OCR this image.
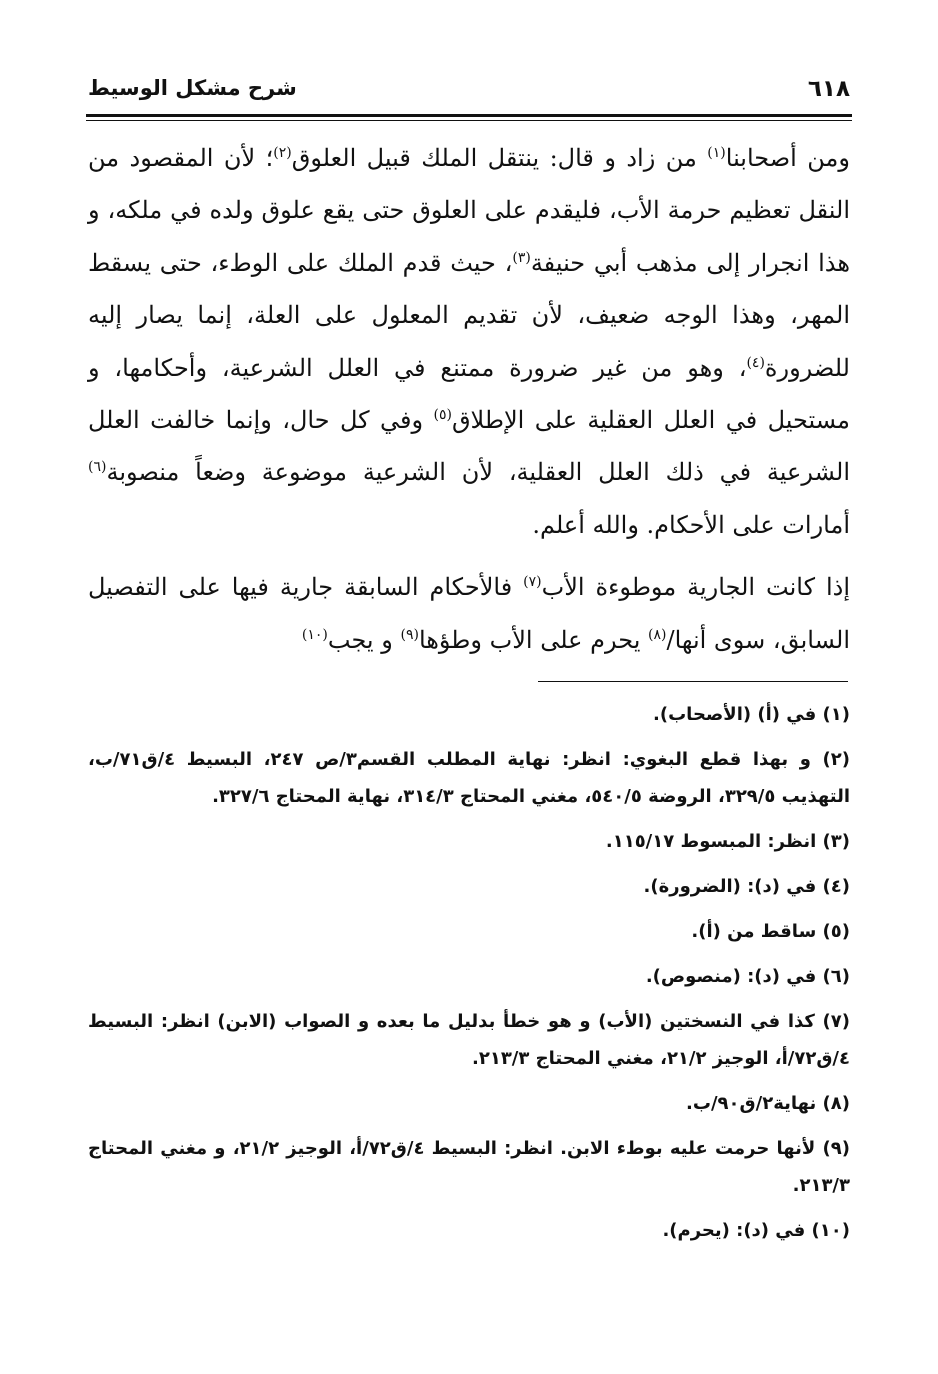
٦١٨
شرح مشكل الوسيط

ومن أصحابنا$^{(١)}$ من زاد و قال: ينتقل الملك قبيل العلوق$^{(٢)}$؛ لأن المقصود من النقل تعظيم حرمة الأب، فليقدم على العلوق حتى يقع علوق ولده في ملكه، و هذا انجرار إلى مذهب أبي حنيفة$^{(٣)}$، حيث قدم الملك على الوطء، حتى يسقط المهر، وهذا الوجه ضعيف، لأن تقديم المعلول على العلة، إنما يصار إليه للضرورة$^{(٤)}$، وهو من غير ضرورة ممتنع في العلل الشرعية، وأحكامها، و مستحيل في العلل العقلية على الإطلاق$^{(٥)}$ وفي كل حال، وإنما خالفت العلل الشرعية في ذلك العلل العقلية، لأن الشرعية موضوعة وضعاً منصوبة$^{(٦)}$ أمارات على الأحكام. والله أعلم.

إذا كانت الجارية موطوءة الأب$^{(٧)}$ فالأحكام السابقة جارية فيها على التفصيل السابق، سوى أنها/$^{(٨)}$ يحرم على الأب وطؤها$^{(٩)}$ و يجب$^{(١٠)}$

(١) في (أ) (الأصحاب).

(٢) و بهذا قطع البغوي: انظر: نهاية المطلب القسم٣/ص ٢٤٧، البسيط ٤/ق٧١/ب، التهذيب ٣٢٩/٥، الروضة ٥٤٠/٥، مغني المحتاج ٣١٤/٣، نهاية المحتاج ٣٢٧/٦.

(٣) انظر: المبسوط ١١٥/١٧.

(٤) في (د): (الضرورة).

(٥) ساقط من (أ).

(٦) في (د): (منصوص).

(٧) كذا في النسختين (الأب) و هو خطأ بدليل ما بعده و الصواب (الابن) انظر: البسيط ٤/ق٧٢/أ، الوجيز ٢١/٢، مغني المحتاج ٢١٣/٣.

(٨) نهاية٢/ق٩٠/ب.

(٩) لأنها حرمت عليه بوطء الابن. انظر: البسيط ٤/ق٧٢/أ، الوجيز ٢١/٢، و مغني المحتاج ٢١٣/٣.

(١٠) في (د): (يحرم).
